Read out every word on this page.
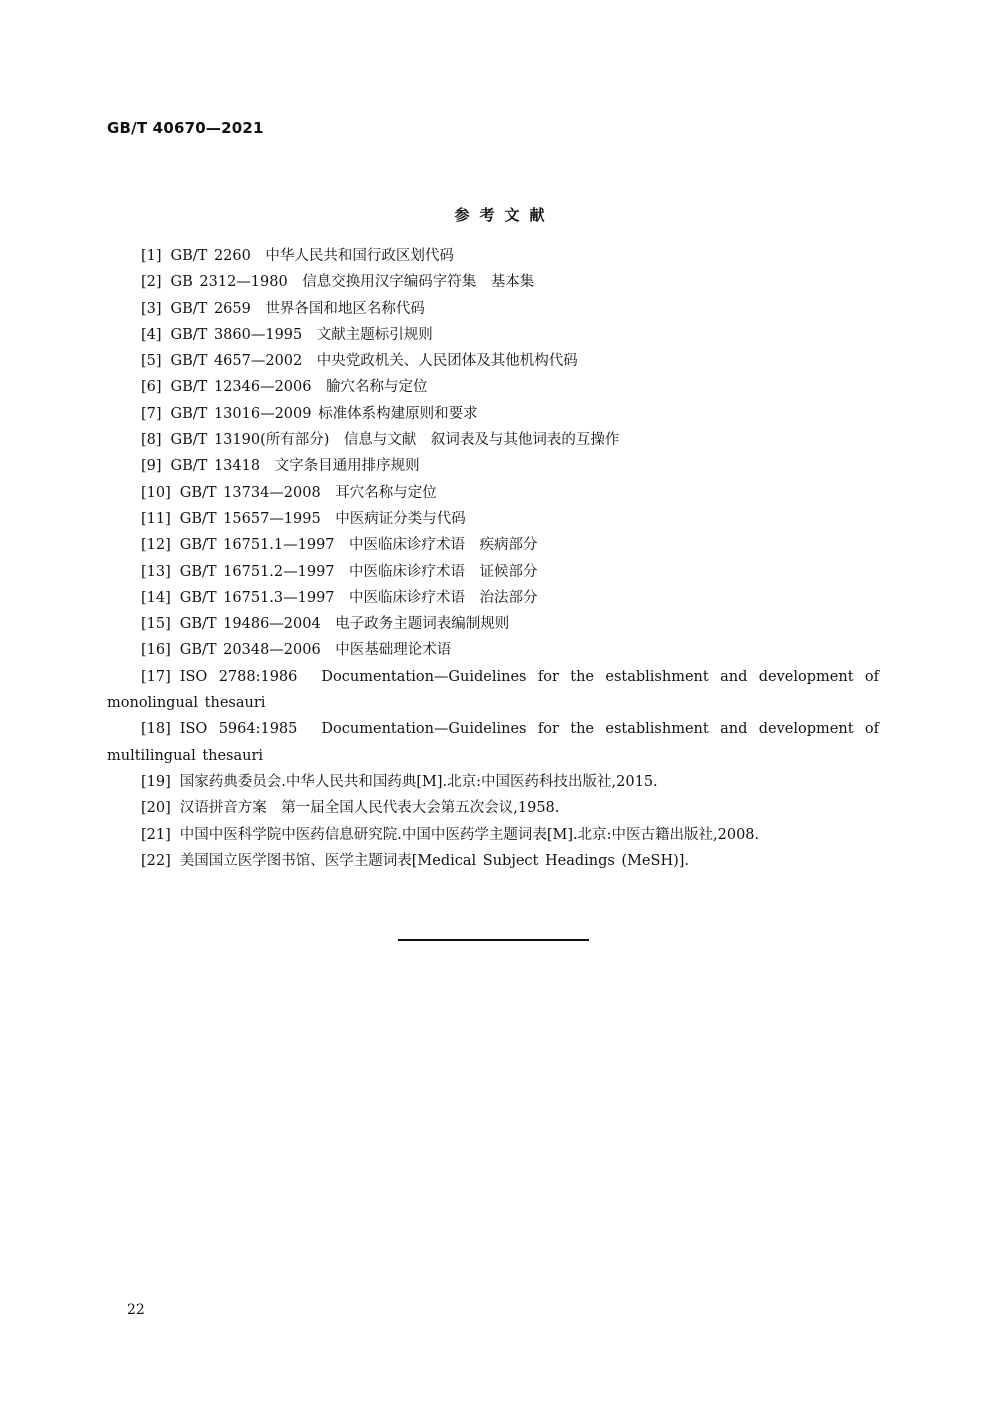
GB/T 40670—2021
参考文献
[1] GB/T 2260　中华人民共和国行政区划代码
[2] GB 2312—1980　信息交换用汉字编码字符集　基本集
[3] GB/T 2659　世界各国和地区名称代码
[4] GB/T 3860—1995　文献主题标引规则
[5] GB/T 4657—2002　中央党政机关、人民团体及其他机构代码
[6] GB/T 12346—2006　腧穴名称与定位
[7] GB/T 13016—2009 标准体系构建原则和要求
[8] GB/T 13190(所有部分)　信息与文献　叙词表及与其他词表的互操作
[9] GB/T 13418　文字条目通用排序规则
[10] GB/T 13734—2008　耳穴名称与定位
[11] GB/T 15657—1995　中医病证分类与代码
[12] GB/T 16751.1—1997　中医临床诊疗术语　疾病部分
[13] GB/T 16751.2—1997　中医临床诊疗术语　证候部分
[14] GB/T 16751.3—1997　中医临床诊疗术语　治法部分
[15] GB/T 19486—2004　电子政务主题词表编制规则
[16] GB/T 20348—2006　中医基础理论术语
[17] ISO 2788:1986　Documentation—Guidelines for the establishment and development of monolingual thesauri
[18] ISO 5964:1985　Documentation—Guidelines for the establishment and development of multilingual thesauri
[19] 国家药典委员会.中华人民共和国药典[M].北京:中国医药科技出版社,2015.
[20] 汉语拼音方案　第一届全国人民代表大会第五次会议,1958.
[21] 中国中医科学院中医药信息研究院.中国中医药学主题词表[M].北京:中医古籍出版社,2008.
[22] 美国国立医学图书馆、医学主题词表[Medical Subject Headings (MeSH)].
22
